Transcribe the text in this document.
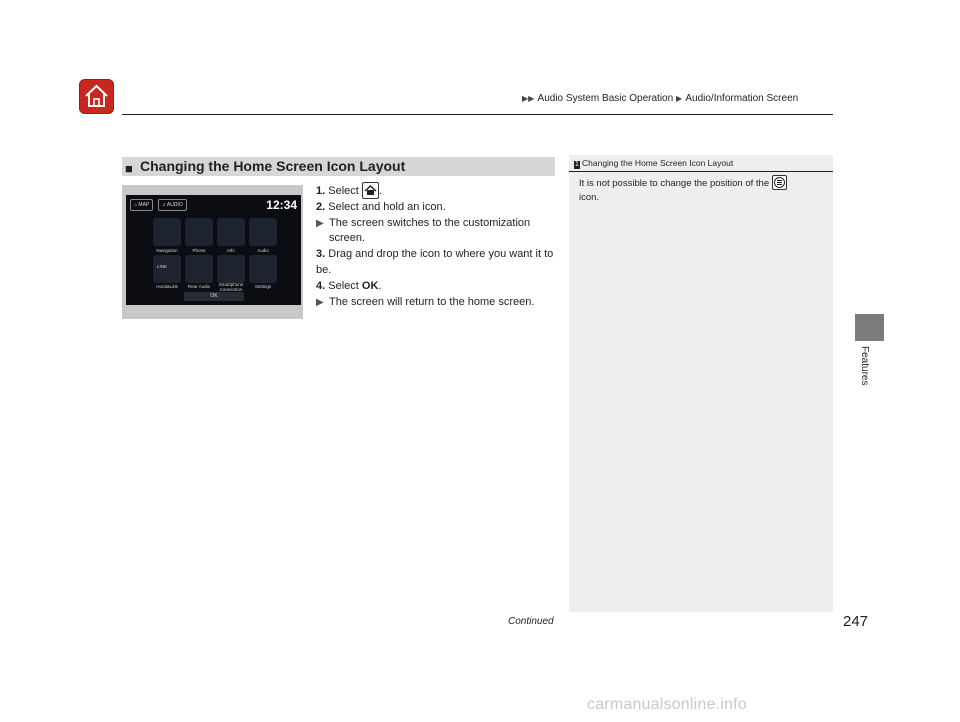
▶▶ Audio System Basic Operation ▶ Audio/Information Screen
Features
■ Changing the Home Screen Icon Layout
⌂ MAP	♫ AUDIO	12:34
Navigation	Phone	Info	Audio
LINK
HondaLink	Rear Audio	Smartphone Connection
Settings
OK
1. Select .
2. Select and hold an icon.
▶ The screen switches to the customization screen.
3. Drag and drop the icon to where you want it to be.
4. Select OK.
▶ The screen will return to the home screen.
1 Changing the Home Screen Icon Layout
It is not possible to change the position of the
icon.
Continued	247
carmanualsonline.info
